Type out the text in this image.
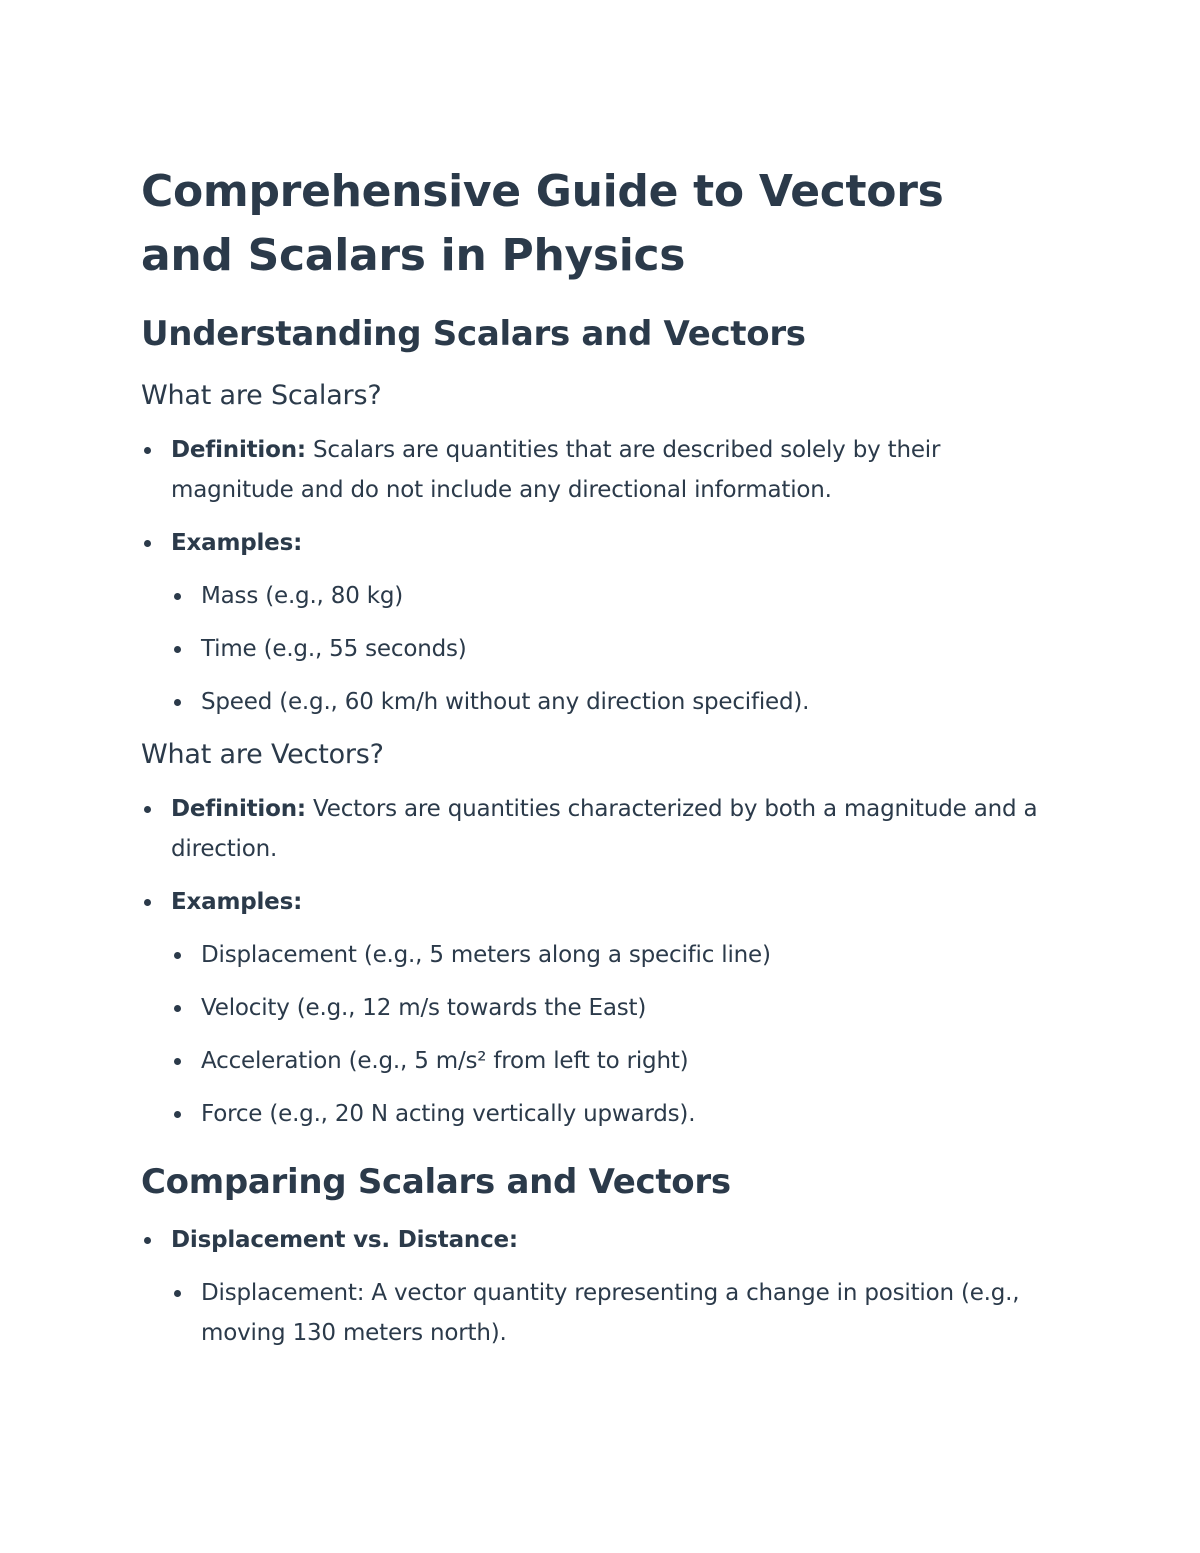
Comprehensive Guide to Vectors and Scalars in Physics
Understanding Scalars and Vectors
What are Scalars?
Definition: Scalars are quantities that are described solely by their magnitude and do not include any directional information.
Examples:
Mass (e.g., 80 kg)
Time (e.g., 55 seconds)
Speed (e.g., 60 km/h without any direction specified).
What are Vectors?
Definition: Vectors are quantities characterized by both a magnitude and a direction.
Examples:
Displacement (e.g., 5 meters along a specific line)
Velocity (e.g., 12 m/s towards the East)
Acceleration (e.g., 5 m/s² from left to right)
Force (e.g., 20 N acting vertically upwards).
Comparing Scalars and Vectors
Displacement vs. Distance:
Displacement: A vector quantity representing a change in position (e.g., moving 130 meters north).
